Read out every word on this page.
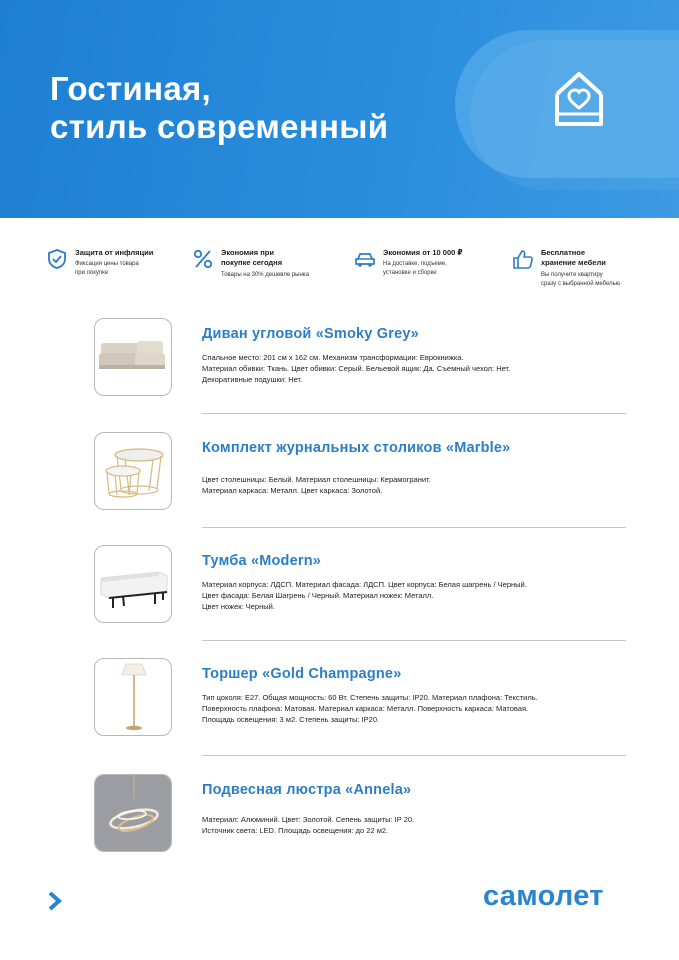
Гостиная,
стиль современный
Защита от инфляции
Фиксация цены товара
при покупке
Экономия при
покупке сегодня
Товары на 30% дешевле рынка
Экономия от 10 000 ₽
На доставке, подъеме,
установке и сборке
Бесплатное
хранение мебели
Вы получите квартиру
сразу с выбранной мебелью
Диван угловой «Smoky Grey»
Спальное место: 201 см х 162 см. Механизм трансформации: Еврокнижка.
Материал обивки: Ткань. Цвет обивки: Серый. Бельевой ящик: Да. Съемный чехол: Нет.
Декоративные подушки: Нет.
Комплект журнальных столиков «Marble»
Цвет столешницы: Белый. Материал столешницы: Керамогранит.
Материал каркаса: Металл. Цвет каркаса: Золотой.
Тумба «Modern»
Материал корпуса: ЛДСП. Материал фасада: ЛДСП. Цвет корпуса: Белая шагрень / Черный.
Цвет фасада: Белая Шагрень / Черный. Материал ножек: Металл.
Цвет ножек: Черный.
Торшер «Gold Champagne»
Тип цоколя: E27. Общая мощность: 60 Вт. Степень защиты: IP20. Материал плафона: Текстиль.
Поверхность плафона: Матовая. Материал каркаса: Металл. Поверхность каркаса: Матовая.
Площадь освещения: 3 м2. Степень защиты: IP20.
Подвесная люстра «Annela»
Материал: Алюминий. Цвет: Золотой. Сепень защиты: IP 20.
Источник света: LED. Площадь освещения: до 22 м2.
самолет
